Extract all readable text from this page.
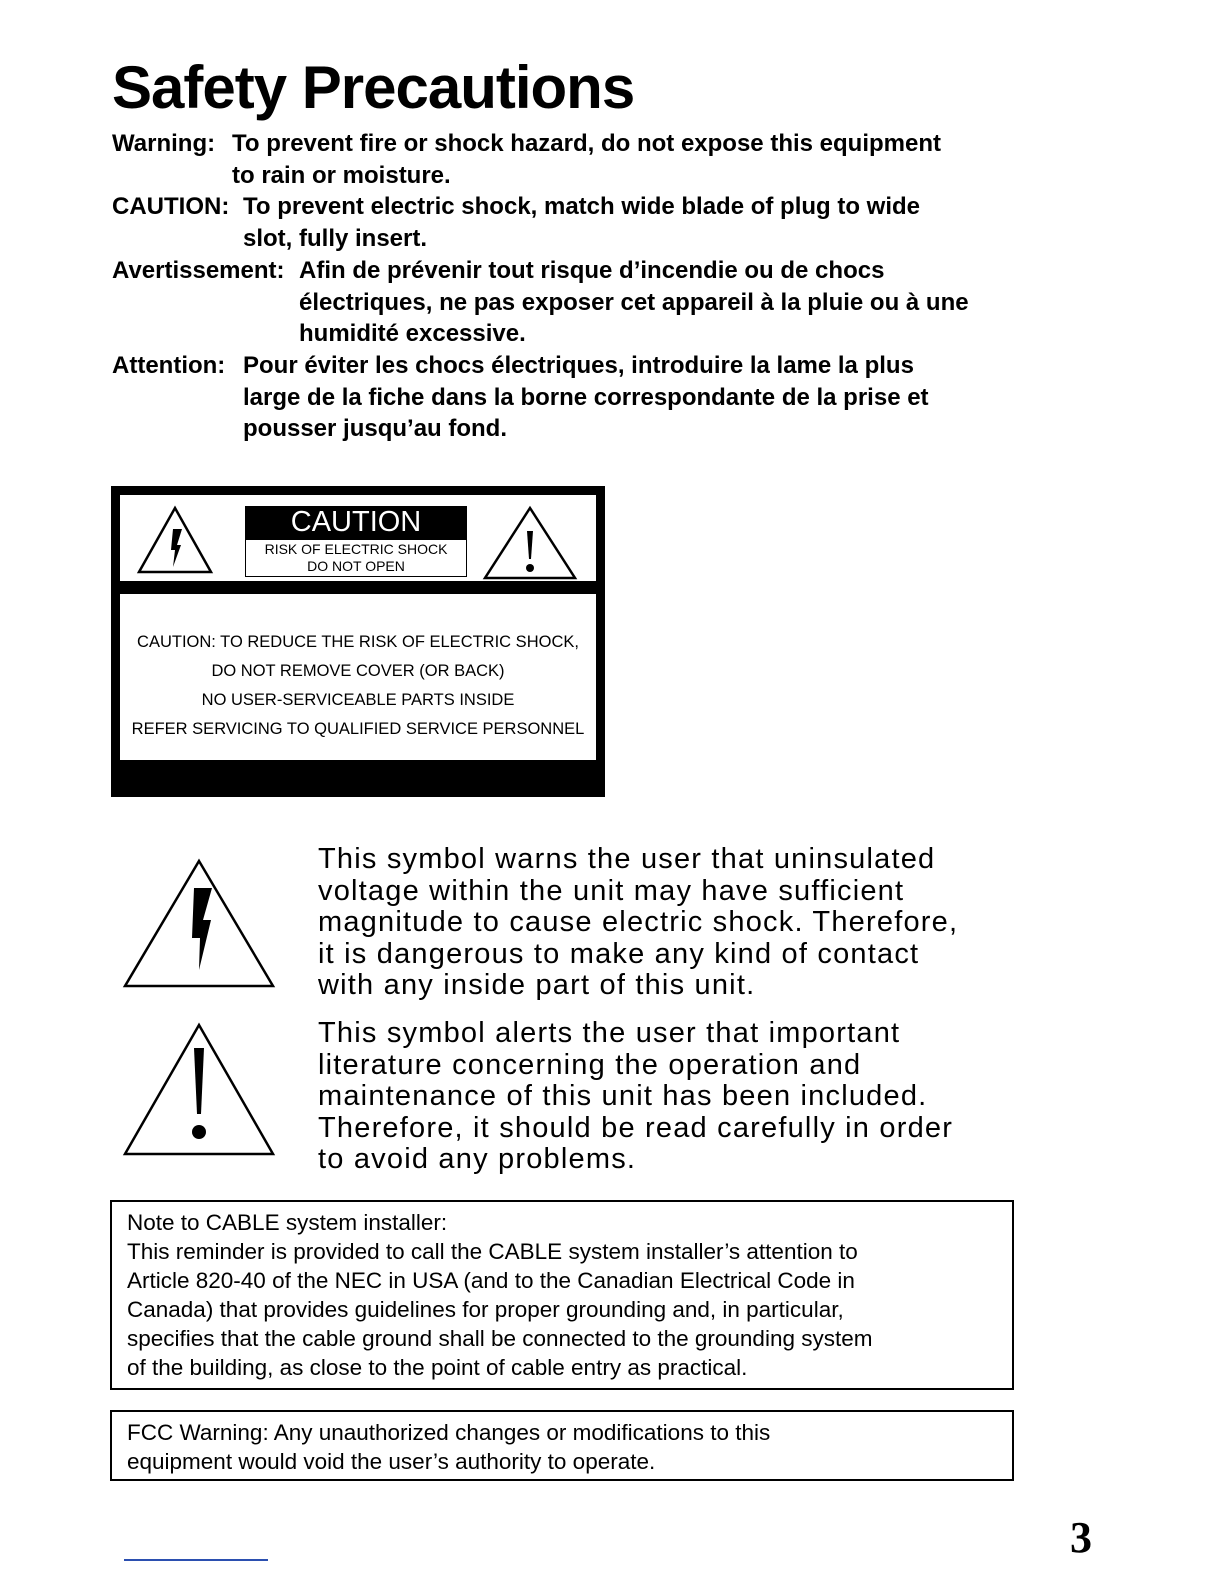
Safety Precautions
Warning: To prevent fire or shock hazard, do not expose this equipment
to rain or moisture.
CAUTION: To prevent electric shock, match wide blade of plug to wide
slot, fully insert.
Avertissement: Afin de prévenir tout risque d’incendie ou de chocs
électriques, ne pas exposer cet appareil à la pluie ou à une
humidité excessive.
Attention: Pour éviter les chocs électriques, introduire la lame la plus
large de la fiche dans la borne correspondante de la prise et
pousser jusqu’au fond.
CAUTION
RISK OF ELECTRIC SHOCK
DO NOT OPEN
CAUTION: TO REDUCE THE RISK OF ELECTRIC SHOCK,
DO NOT REMOVE COVER (OR BACK)
NO USER-SERVICEABLE PARTS INSIDE
REFER SERVICING TO QUALIFIED SERVICE PERSONNEL
This symbol warns the user that uninsulated
voltage within the unit may have sufficient
magnitude to cause electric shock. Therefore,
it is dangerous to make any kind of contact
with any inside part of this unit.
This symbol alerts the user that important
literature concerning the operation and
maintenance of this unit has been included.
Therefore, it should be read carefully in order
to avoid any problems.
Note to CABLE system installer:
This reminder is provided to call the CABLE system installer’s attention to
Article 820-40 of the NEC in USA (and to the Canadian Electrical Code in
Canada) that provides guidelines for proper grounding and, in particular,
specifies that the cable ground shall be connected to the grounding system
of the building, as close to the point of cable entry as practical.
FCC Warning: Any unauthorized changes or modifications to this
equipment would void the user’s authority to operate.
3
